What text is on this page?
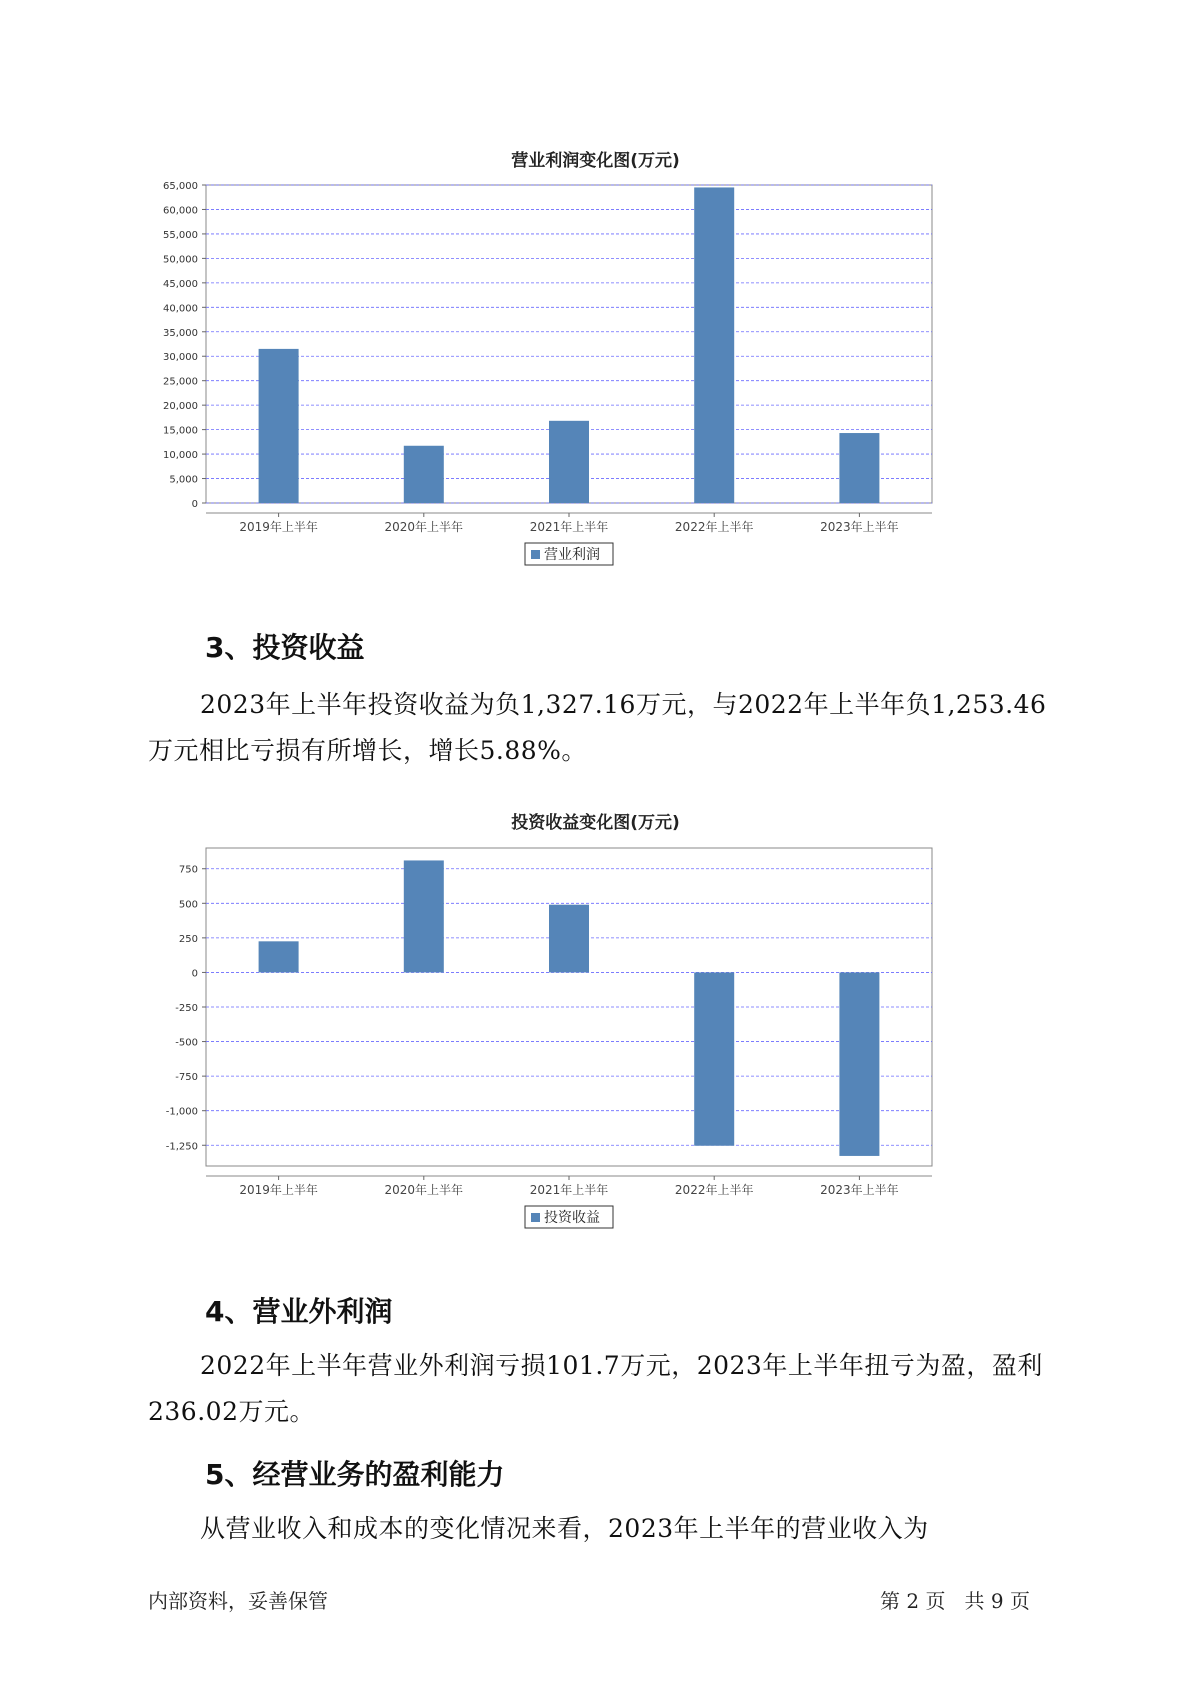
营业利润变化图(万元)
0
5,000
10,000
15,000
20,000
25,000
30,000
35,000
40,000
45,000
50,000
55,000
60,000
65,000
2019年上半年	2020年上半年	2021年上半年	2022年上半年	2023年上半年
营业利润
3、投资收益
2023年上半年投资收益为负1,327.16万元，与2022年上半年负1,253.46万元相比亏损有所增长，增长5.88%。
投资收益变化图(万元)
-1,250
-1,000
-750
-500
-250
0
250
500
750
2019年上半年	2020年上半年	2021年上半年	2022年上半年	2023年上半年
投资收益
4、营业外利润
2022年上半年营业外利润亏损101.7万元，2023年上半年扭亏为盈，盈利236.02万元。
5、经营业务的盈利能力
从营业收入和成本的变化情况来看，2023年上半年的营业收入为
内部资料，妥善保管	第 2 页   共 9 页
